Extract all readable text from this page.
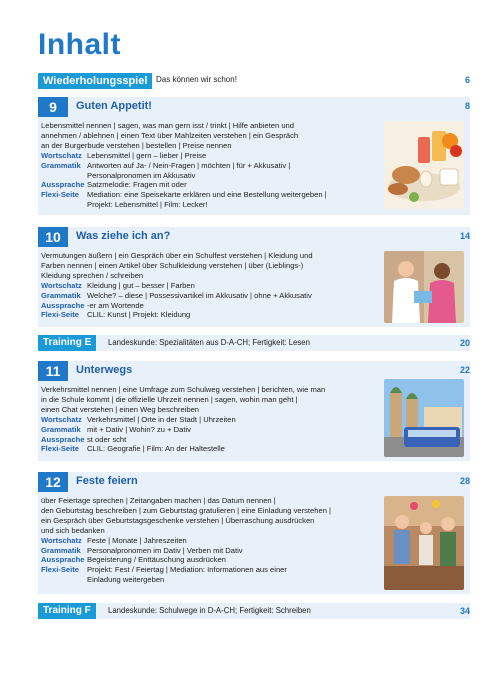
Inhalt
Wiederholungsspiel	Das können wir schon!	6
9	Guten Appetit!	8

Lebensmittel nennen | sagen, was man gern isst / trinkt | Hilfe anbieten und

annehmen / ablehnen | einen Text über Mahlzeiten verstehen | ein Gespräch

an der Burgerbude verstehen | bestellen | Preise nennen

Wortschatz Lebensmittel | gern – lieber | Preise

Grammatik Antworten auf Ja- / Nein-Fragen | möchten | für + Akkusativ |

Personalpronomen im Akkusativ

Aussprache Satzmelodie: Fragen mit oder

Flexi-Seite Mediation: eine Speisekarte erklären und eine Bestellung weitergeben |

Projekt: Lebensmittel | Film: Lecker!

10	Was ziehe ich an?	14

Vermutungen äußern | ein Gespräch über ein Schulfest verstehen | Kleidung und

Farben nennen | einen Artikel über Schulkleidung verstehen | über (Lieblings-)

Kleidung sprechen / schreiben

Wortschatz Kleidung | gut – besser | Farben

Grammatik Welche? – diese | Possessivartikel im Akkusativ | ohne + Akkusativ

Aussprache -er am Wortende

Flexi-Seite CLIL: Kunst | Projekt: Kleidung

Training E	Landeskunde: Spezialitäten aus D-A-CH; Fertigkeit: Lesen	20
11	Unterwegs	22

Verkehrsmittel nennen | eine Umfrage zum Schulweg verstehen | berichten, wie man

in die Schule kommt | die offizielle Uhrzeit nennen | sagen, wohin man geht |

einen Chat verstehen | einen Weg beschreiben

Wortschatz Verkehrsmittel | Orte in der Stadt | Uhrzeiten

Grammatik mit + Dativ | Wohin? zu + Dativ

Aussprache st oder scht

Flexi-Seite CLIL: Geografie | Film: An der Haltestelle

12	Feste feiern	28

über Feiertage sprechen | Zeitangaben machen | das Datum nennen |

den Geburtstag beschreiben | zum Geburtstag gratulieren | eine Einladung verstehen |

ein Gespräch über Geburtstagsgeschenke verstehen | Überraschung ausdrücken

und sich bedanken

Wortschatz Feste | Monate | Jahreszeiten

Grammatik Personalpronomen im Dativ | Verben mit Dativ

Aussprache Begeisterung / Enttäuschung ausdrücken

Flexi-Seite Projekt: Fest / Feiertag | Mediation: Informationen aus einer

Einladung weitergeben

Training F	Landeskunde: Schulwege in D-A-CH; Fertigkeit: Schreiben	34
